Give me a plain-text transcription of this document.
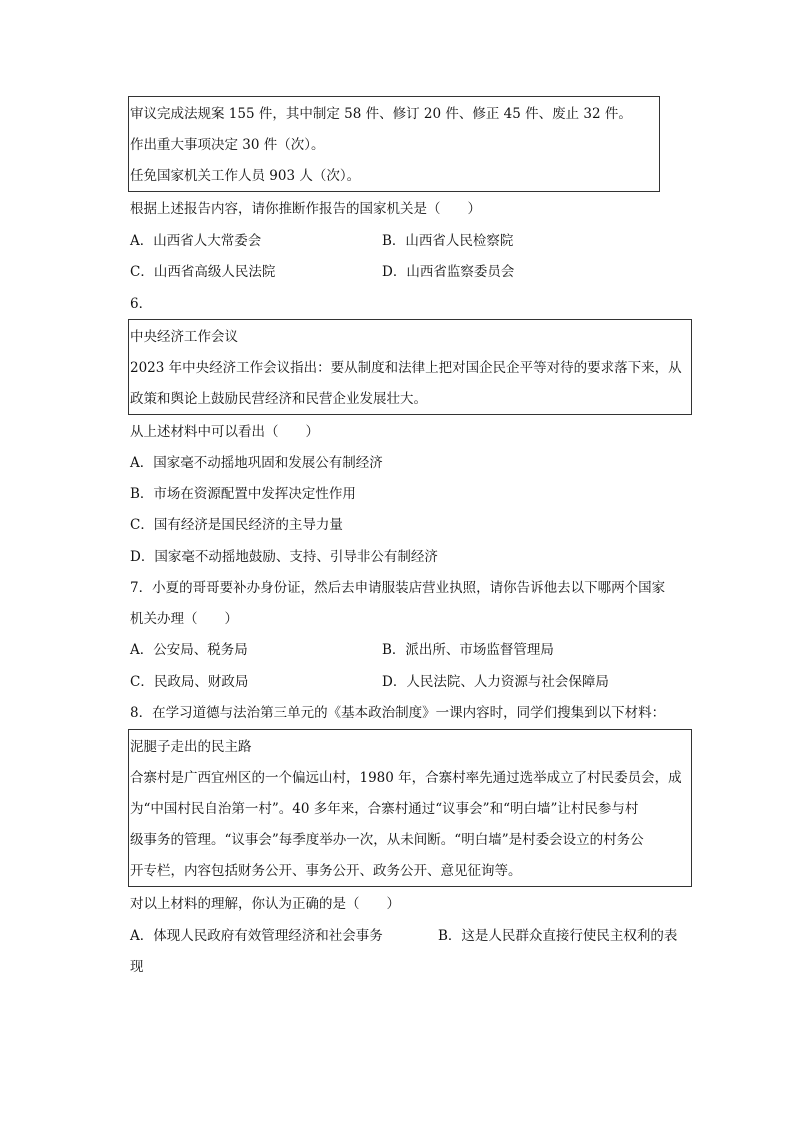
审议完成法规案 155 件，其中制定 58 件、修订 20 件、修正 45 件、废止 32 件。
作出重大事项决定 30 件（次）。
任免国家机关工作人员 903 人（次）。
根据上述报告内容，请你推断作报告的国家机关是（　　）
A．山西省人大常委会	B．山西省人民检察院
C．山西省高级人民法院	D．山西省监察委员会
6．
中央经济工作会议
2023 年中央经济工作会议指出：要从制度和法律上把对国企民企平等对待的要求落下来，从
政策和舆论上鼓励民营经济和民营企业发展壮大。
从上述材料中可以看出（　　）
A．国家毫不动摇地巩固和发展公有制经济
B．市场在资源配置中发挥决定性作用
C．国有经济是国民经济的主导力量
D．国家毫不动摇地鼓励、支持、引导非公有制经济
7．小夏的哥哥要补办身份证，然后去申请服装店营业执照，请你告诉他去以下哪两个国家
机关办理（　　）
A．公安局、税务局	B．派出所、市场监督管理局
C．民政局、财政局	D．人民法院、人力资源与社会保障局
8．在学习道德与法治第三单元的《基本政治制度》一课内容时，同学们搜集到以下材料：
泥腿子走出的民主路
合寨村是广西宜州区的一个偏远山村，1980 年，合寨村率先通过选举成立了村民委员会，成
为“中国村民自治第一村”。40 多年来，合寨村通过“议事会”和“明白墙”让村民参与村
级事务的管理。“议事会”每季度举办一次，从未间断。“明白墙”是村委会设立的村务公
开专栏，内容包括财务公开、事务公开、政务公开、意见征询等。
对以上材料的理解，你认为正确的是（　　）
A．体现人民政府有效管理经济和社会事务	B．这是人民群众直接行使民主权利的表
现
